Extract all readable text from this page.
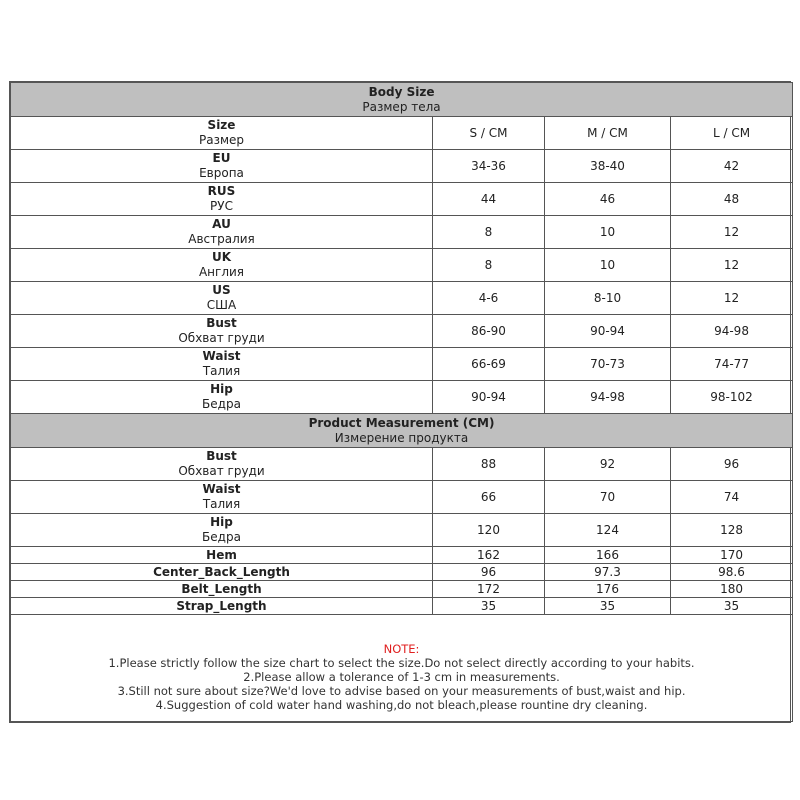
Body Size
Размер тела			

Size
Размер	S / CM	M / CM	L / CM

EU
Европа	34-36	38-40	42

RUS
РУС	44	46	48

AU
Австралия	8	10	12

UK
Англия	8	10	12

US
США	4-6	8-10	12

Bust
Обхват груди	86-90	90-94	94-98

Waist
Талия	66-69	70-73	74-77

Hip
Бедра	90-94	94-98	98-102

Product Measurement (CM)
Измерение продукта			

Bust
Обхват груди	88	92	96

Waist
Талия	66	70	74

Hip
Бедра	120	124	128
Hem	162	166	170
Center_Back_Length	96	97.3	98.6
Belt_Length	172	176	180
Strap_Length	35	35	35

NOTE:
1.Please strictly follow the size chart to select the size.Do not select directly according to your habits.
2.Please allow a tolerance of 1-3 cm in measurements.
3.Still not sure about size?We'd love to advise based on your measurements of bust,waist and hip.
4.Suggestion of cold water hand washing,do not bleach,please rountine dry cleaning.			
